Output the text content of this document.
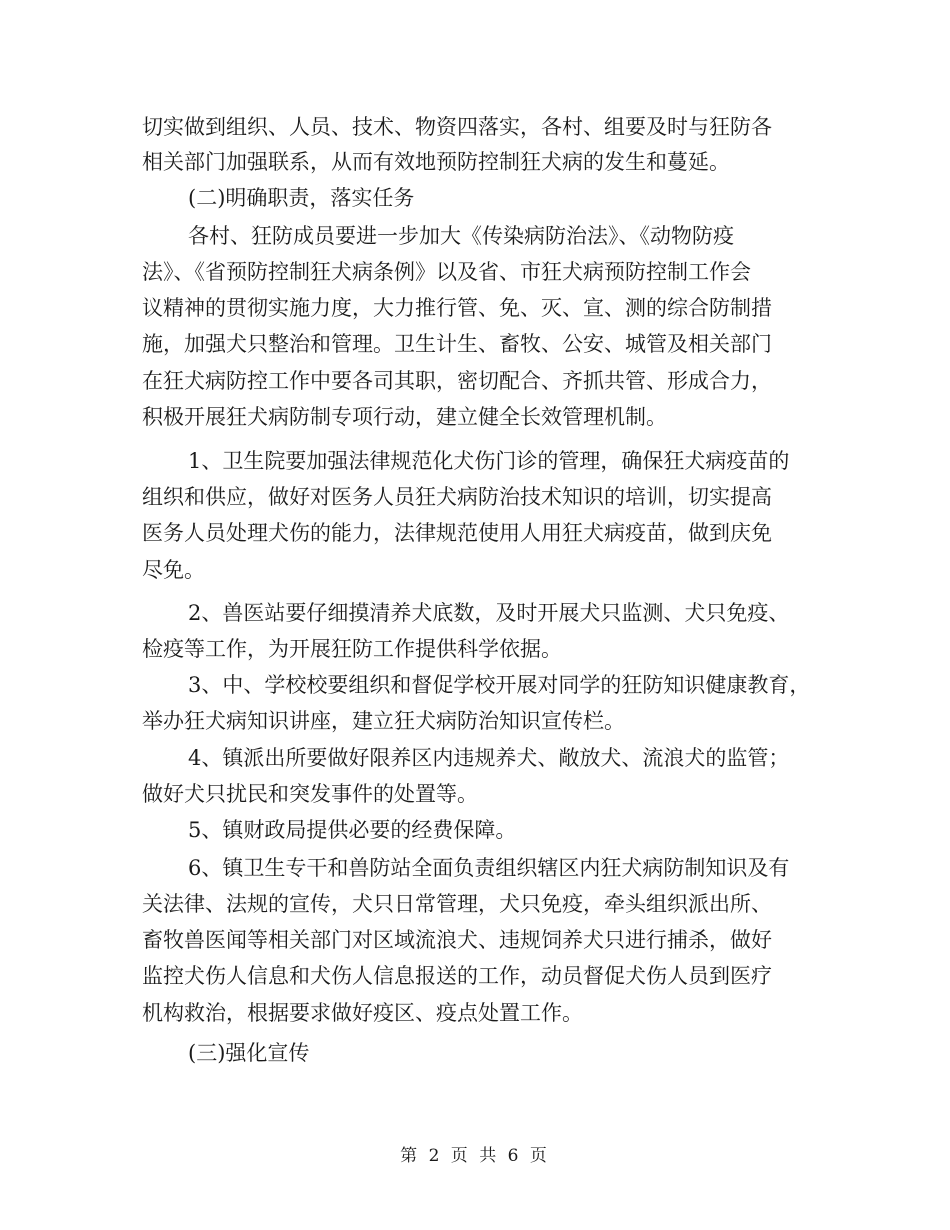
切实做到组织、人员、技术、物资四落实，各村、组要及时与狂防各
相关部门加强联系，从而有效地预防控制狂犬病的发生和蔓延。
(二)明确职责，落实任务
各村、狂防成员要进一步加大《传染病防治法》、《动物防疫
法》、《省预防控制狂犬病条例》以及省、市狂犬病预防控制工作会
议精神的贯彻实施力度，大力推行管、免、灭、宣、测的综合防制措
施，加强犬只整治和管理。卫生计生、畜牧、公安、城管及相关部门
在狂犬病防控工作中要各司其职，密切配合、齐抓共管、形成合力，
积极开展狂犬病防制专项行动，建立健全长效管理机制。
1、卫生院要加强法律规范化犬伤门诊的管理，确保狂犬病疫苗的
组织和供应，做好对医务人员狂犬病防治技术知识的培训，切实提高
医务人员处理犬伤的能力，法律规范使用人用狂犬病疫苗，做到庆免
尽免。
2、兽医站要仔细摸清养犬底数，及时开展犬只监测、犬只免疫、
检疫等工作，为开展狂防工作提供科学依据。
3、中、学校校要组织和督促学校开展对同学的狂防知识健康教育，
举办狂犬病知识讲座，建立狂犬病防治知识宣传栏。
4、镇派出所要做好限养区内违规养犬、敞放犬、流浪犬的监管；
做好犬只扰民和突发事件的处置等。
5、镇财政局提供必要的经费保障。
6、镇卫生专干和兽防站全面负责组织辖区内狂犬病防制知识及有
关法律、法规的宣传，犬只日常管理，犬只免疫，牵头组织派出所、
畜牧兽医闻等相关部门对区域流浪犬、违规饲养犬只进行捕杀，做好
监控犬伤人信息和犬伤人信息报送的工作，动员督促犬伤人员到医疗
机构救治，根据要求做好疫区、疫点处置工作。
(三)强化宣传
第 2 页 共 6 页
